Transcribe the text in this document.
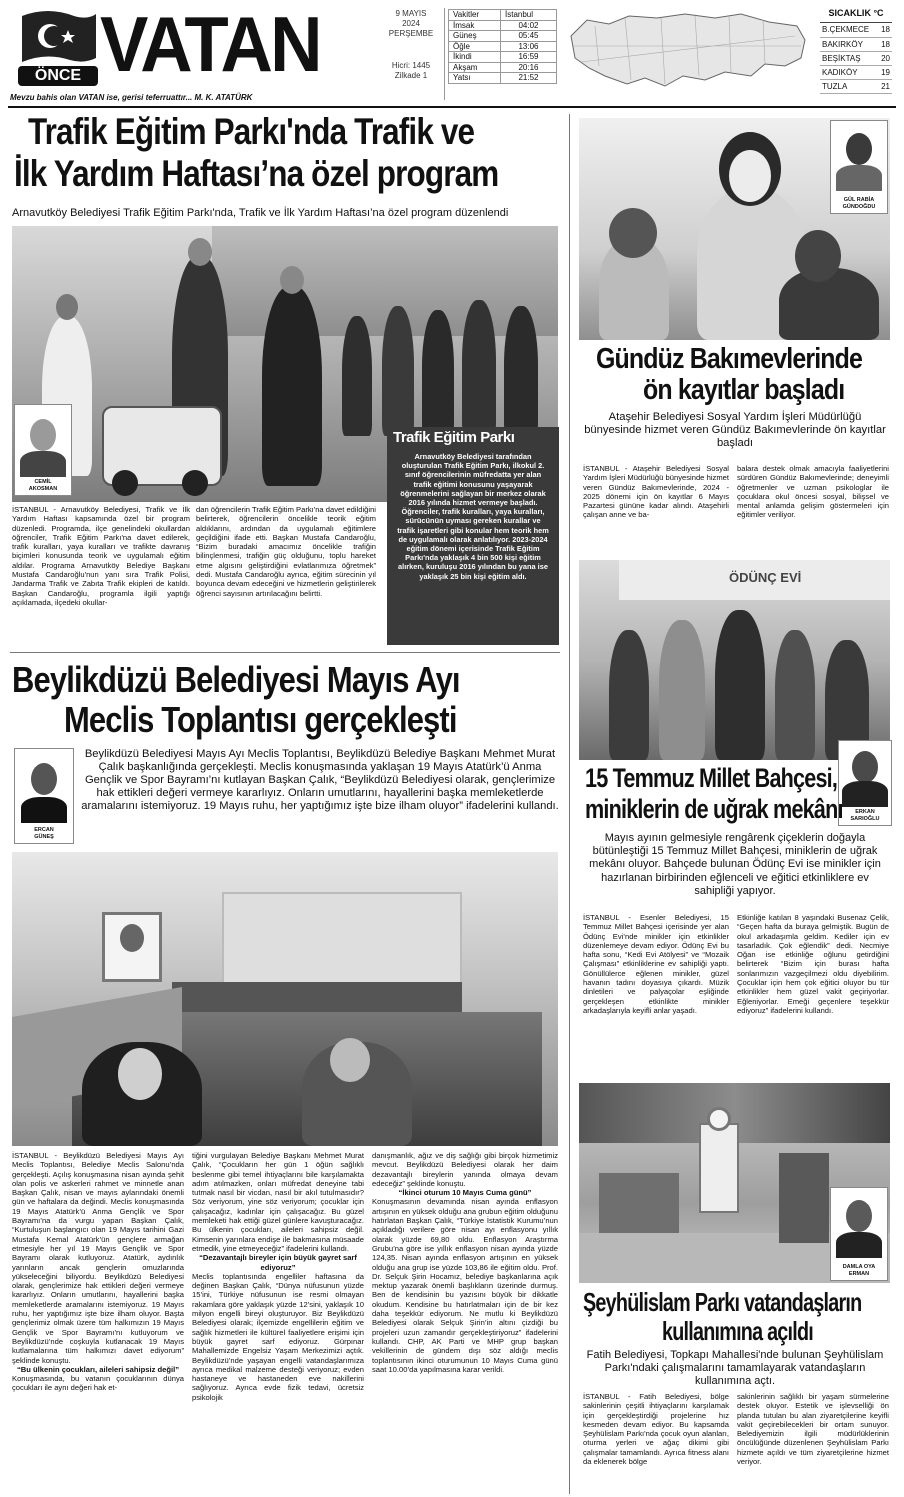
ÖNCE VATAN
Mevzu bahis olan VATAN ise, gerisi teferruattır... M. K. ATATÜRK
9 MAYIS
2024
PERŞEMBE
Hicri: 1445
Zilkade 1
Vakitler	İstanbul
İmsak	04:02
Güneş	05:45
Öğle	13:06
İkindi	16:59
Akşam	20:16
Yatsı	21:52
SICAKLIK °C
B.ÇEKMECE	18
BAKIRKÖY	18
BEŞİKTAŞ	20
KADIKÖY	19
TUZLA	21
Trafik Eğitim Parkı'nda Trafik ve
İlk Yardım Haftası’na özel program
Arnavutköy Belediyesi Trafik Eğitim Parkı'nda, Trafik ve İlk Yardım Haftası’na özel program düzenlendi
CEMİL
AKOSMAN
Trafik Eğitim Parkı
Arnavutköy Belediyesi tarafından oluşturulan Trafik Eğitim Parkı, ilkokul 2. sınıf öğrencilerinin müfredatta yer alan trafik eğitimi konusunu yaşayarak öğrenmelerini sağlayan bir merkez olarak 2016 yılında hizmet vermeye başladı. Öğrenciler, trafik kuralları, yaya kuralları, sürücünün uyması gereken kurallar ve trafik işaretleri gibi konular hem teorik hem de uygulamalı olarak anlatılıyor. 2023-2024 eğitim dönemi içerisinde Trafik Eğitim Parkı'nda yaklaşık 4 bin 500 kişi eğitim alırken, kuruluşu 2016 yılından bu yana ise yaklaşık 25 bin kişi eğitim aldı.
İSTANBUL - Arnavutköy Belediyesi, Trafik ve İlk Yardım Haftası kapsamında özel bir program düzenledi. Programda, ilçe genelindeki okullardan öğrenciler, Trafik Eğitim Parkı'na davet edilerek, trafik kuralları, yaya kuralları ve trafikte davranış biçimleri konusunda teorik ve uygulamalı eğitim aldılar. Programa Arnavutköy Belediye Başkanı Mustafa Candaroğlu'nun yanı sıra Trafik Polisi, Jandarma Trafik ve Zabıta Trafik ekipleri de katıldı. Başkan Candaroğlu, programla ilgili yaptığı açıklamada, ilçedeki okullar-
dan öğrencilerin Trafik Eğitim Parkı'na davet edildiğini belirterek, öğrencilerin öncelikle teorik eğitim aldıklarını, ardından da uygulamalı eğitimlere geçildiğini ifade etti. Başkan Mustafa Candaroğlu, “Bizim buradaki amacımız öncelikle trafiğin bilinçlenmesi, trafiğin güç olduğunu, toplu hareket etme algısını geliştirdiğini evlatlarımıza öğretmek” dedi. Mustafa Candaroğlu ayrıca, eğitim sürecinin yıl boyunca devam edeceğini ve hizmetlerin geliştirilerek öğrenci sayısının artırılacağını belirtti.
Beylikdüzü Belediyesi Mayıs Ayı
Meclis Toplantısı gerçekleşti
ERCAN
GÜNEŞ
Beylikdüzü Belediyesi Mayıs Ayı Meclis Toplantısı, Beylikdüzü Belediye Başkanı Mehmet Murat Çalık başkanlığında gerçekleşti. Meclis konuşmasında yaklaşan 19 Mayıs Atatürk’ü Anma Gençlik ve Spor Bayramı’nı kutlayan Başkan Çalık, “Beylikdüzü Belediyesi olarak, gençlerimize hak ettikleri değeri vermeye kararlıyız. Onların umutlarını, hayallerini başka memleketlerde aramalarını istemiyoruz. 19 Mayıs ruhu, her yaptığımız işte bize ilham oluyor” ifadelerini kullandı.
İSTANBUL - Beylikdüzü Belediyesi Mayıs Ayı Meclis Toplantısı, Belediye Meclis Salonu’nda gerçekleşti. Açılış konuşmasına nisan ayında şehit olan polis ve askerleri rahmet ve minnetle anan Başkan Çalık, nisan ve mayıs aylarındaki önemli gün ve haftalara da değindi. Meclis konuşmasında 19 Mayıs Atatürk’ü Anma Gençlik ve Spor Bayramı’na da vurgu yapan Başkan Çalık, “Kurtuluşun başlangıcı olan 19 Mayıs tarihini Gazi Mustafa Kemal Atatürk’ün gençlere armağan etmesiyle her yıl 19 Mayıs Gençlik ve Spor Bayramı olarak kutluyoruz. Atatürk, aydınlık yarınların ancak gençlerin omuzlarında yükseleceğini biliyordu. Beylikdüzü Belediyesi olarak, gençlerimize hak ettikleri değeri vermeye kararlıyız. Onların umutlarını, hayallerini başka memleketlerde aramalarını istemiyoruz. 19 Mayıs ruhu, her yaptığımız işte bize ilham oluyor. Başta gençlerimiz olmak üzere tüm halkımızın 19 Mayıs Gençlik ve Spor Bayramı’nı kutluyorum ve Beylikdüzü’nde coşkuyla kutlanacak 19 Mayıs kutlamalarına tüm halkımızı davet ediyorum” şeklinde konuştu.
“Bu ülkenin çocukları, aileleri sahipsiz değil”
Konuşmasında, bu vatanın çocuklarının dünya çocukları ile aynı değeri hak et-
tiğini vurgulayan Belediye Başkanı Mehmet Murat Çalık, “Çocukların her gün 1 öğün sağlıklı beslenme gibi temel ihtiyaçlarını bile karşılamakta adım atılmazken, onları müfredat deneyine tabi tutmak nasıl bir vicdan, nasıl bir akıl tutulmasıdır? Söz veriyorum, yine söz veriyorum; çocuklar için çalışacağız, kadınlar için çalışacağız. Bu güzel memleketi hak ettiği güzel günlere kavuşturacağız. Bu ülkenin çocukları, aileleri sahipsiz değil. Kimsenin yarınlara endişe ile bakmasına müsaade etmedik, yine etmeyeceğiz” ifadelerini kullandı.
“Dezavantajlı bireyler için büyük gayret sarf ediyoruz”
Meclis toplantısında engelliler haftasına da değinen Başkan Çalık, “Dünya nüfusunun yüzde 15’ini, Türkiye nüfusunun ise resmi olmayan rakamlara göre yaklaşık yüzde 12’sini, yaklaşık 10 milyon engelli bireyi oluşturuyor. Biz Beylikdüzü Belediyesi olarak; ilçemizde engellilerin eğitim ve sağlık hizmetleri ile kültürel faaliyetlere erişimi için büyük gayret sarf ediyoruz. Gürpınar Mahallemizde Engelsiz Yaşam Merkezimizi açtık. Beylikdüzü’nde yaşayan engelli vatandaşlarımıza ayrıca medikal malzeme desteği veriyoruz; evden hastaneye ve hastaneden eve nakillerini sağlıyoruz. Ayrıca evde fizik tedavi, ücretsiz psikolojik
danışmanlık, ağız ve diş sağlığı gibi birçok hizmetimiz mevcut. Beylikdüzü Belediyesi olarak her daim dezavantajlı bireylerin yanında olmaya devam edeceğiz” şeklinde konuştu.
“İkinci oturum 10 Mayıs Cuma günü”
Konuşmasının devamında nisan ayında enflasyon artışının en yüksek olduğu ana grubun eğitim olduğunu hatırlatan Başkan Çalık, “Türkiye İstatistik Kurumu’nun açıkladığı verilere göre nisan ayı enflasyonu yıllık olarak yüzde 69,80 oldu. Enflasyon Araştırma Grubu’na göre ise yıllık enflasyon nisan ayında yüzde 124,35. Nisan ayında enflasyon artışının en yüksek olduğu ana grup ise yüzde 103,86 ile eğitim oldu. Prof. Dr. Selçuk Şirin Hocamız, belediye başkanlarına açık mektup yazarak önemli başlıkların üzerinde durmuş. Ben de kendisinin bu yazısını büyük bir dikkatle okudum. Kendisine bu hatırlatmaları için de bir kez daha teşekkür ediyorum. Ne mutlu ki Beylikdüzü Belediyesi olarak Selçuk Şirin’in altını çizdiği bu projeleri uzun zamandır gerçekleştiriyoruz” ifadelerini kullandı. CHP, AK Parti ve MHP grup başkan vekillerinin de gündem dışı söz aldığı meclis toplantısının ikinci oturumunun 10 Mayıs Cuma günü saat 10.00’da yapılmasına karar verildi.
GÜL RABİA
GÜNDOĞDU
Gündüz Bakımevlerinde
ön kayıtlar başladı
Ataşehir Belediyesi Sosyal Yardım İşleri Müdürlüğü bünyesinde hizmet veren Gündüz Bakımevlerinde ön kayıtlar başladı
İSTANBUL - Ataşehir Belediyesi Sosyal Yardım İşleri Müdürlüğü bünyesinde hizmet veren Gündüz Bakımevlerinde, 2024 - 2025 dönemi için ön kayıtlar 6 Mayıs Pazartesi gününe kadar alındı. Ataşehirli çalışan anne ve ba-
balara destek olmak amacıyla faaliyetlerini sürdüren Gündüz Bakımevlerinde; deneyimli öğretmenler ve uzman psikologlar ile çocuklara okul öncesi sosyal, bilişsel ve mental anlamda gelişim göstermeleri için eğitimler veriliyor.
ÖDÜNÇ EVİ
ERKAN
SARIOĞLU
15 Temmuz Millet Bahçesi,
miniklerin de uğrak mekânı
Mayıs ayının gelmesiyle rengârenk çiçeklerin doğayla bütünleştiği 15 Temmuz Millet Bahçesi, miniklerin de uğrak mekânı oluyor. Bahçede bulunan Ödünç Evi ise minikler için hazırlanan birbirinden eğlenceli ve eğitici etkinliklere ev sahipliği yapıyor.
İSTANBUL - Esenler Belediyesi, 15 Temmuz Millet Bahçesi içerisinde yer alan Ödünç Evi’nde minikler için etkinlikler düzenlemeye devam ediyor. Ödünç Evi bu hafta sonu, “Kedi Evi Atölyesi” ve “Mozaik Çalışması” etkinliklerine ev sahipliği yaptı. Gönüllülerce eğlenen minikler, güzel havanın tadını doyasıya çıkardı. Müzik dinletileri ve palyaçolar eşliğinde gerçekleşen etkinlikte minikler arkadaşlarıyla keyifli anlar yaşadı.
Etkinliğe katılan 8 yaşındaki Busenaz Çelik, “Geçen hafta da buraya gelmiştik. Bugün de okul arkadaşımla geldim. Kediler için ev tasarladık. Çok eğlendik” dedi. Necmiye Oğan ise etkinliğe oğlunu getirdiğini belirterek “Bizim için burası hafta sonlarımızın vazgeçilmezi oldu diyebilirim. Çocuklar için hem çok eğitici oluyor bu tür etkinlikler hem güzel vakit geçiriyorlar. Eğleniyorlar. Emeği geçenlere teşekkür ediyoruz” ifadelerini kullandı.
DAMLA OYA
ERMAN
Şeyhülislam Parkı vatandaşların
kullanımına açıldı
Fatih Belediyesi, Topkapı Mahallesi'nde bulunan Şeyhülislam Parkı'ndaki çalışmalarını tamamlayarak vatandaşların kullanımına açtı.
İSTANBUL - Fatih Belediyesi, bölge sakinlerinin çeşitli ihtiyaçlarını karşılamak için gerçekleştirdiği projelerine hız kesmeden devam ediyor. Bu kapsamda Şeyhülislam Parkı'nda çocuk oyun alanları, oturma yerleri ve ağaç dikimi gibi çalışmalar tamamlandı. Ayrıca fitness alanı da eklenerek bölge
sakinlerinin sağlıklı bir yaşam sürmelerine destek oluyor. Estetik ve işlevselliği ön planda tutulan bu alan ziyaretçilerine keyifli vakit geçirebilecekleri bir ortam sunuyor. Belediyemizin ilgili müdürlüklerinin öncülüğünde düzenlenen Şeyhülislam Parkı hizmete açıldı ve tüm ziyaretçilerine hizmet veriyor.
